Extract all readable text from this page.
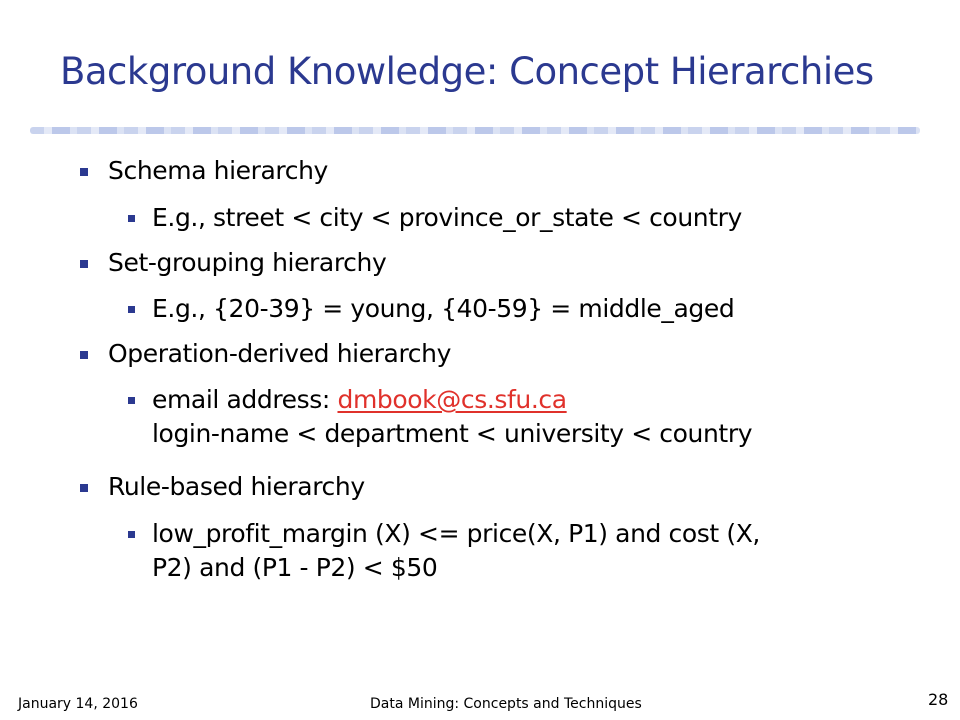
Background Knowledge: Concept Hierarchies
Schema hierarchy
E.g., street < city < province_or_state < country
Set-grouping hierarchy
E.g., {20-39} = young, {40-59} = middle_aged
Operation-derived hierarchy
email address: dmbook@cs.sfu.ca
login-name < department < university < country
Rule-based hierarchy
low_profit_margin (X) <= price(X, P1) and cost (X,
P2) and (P1 - P2) < $50
January 14, 2016	Data Mining: Concepts and Techniques	28
